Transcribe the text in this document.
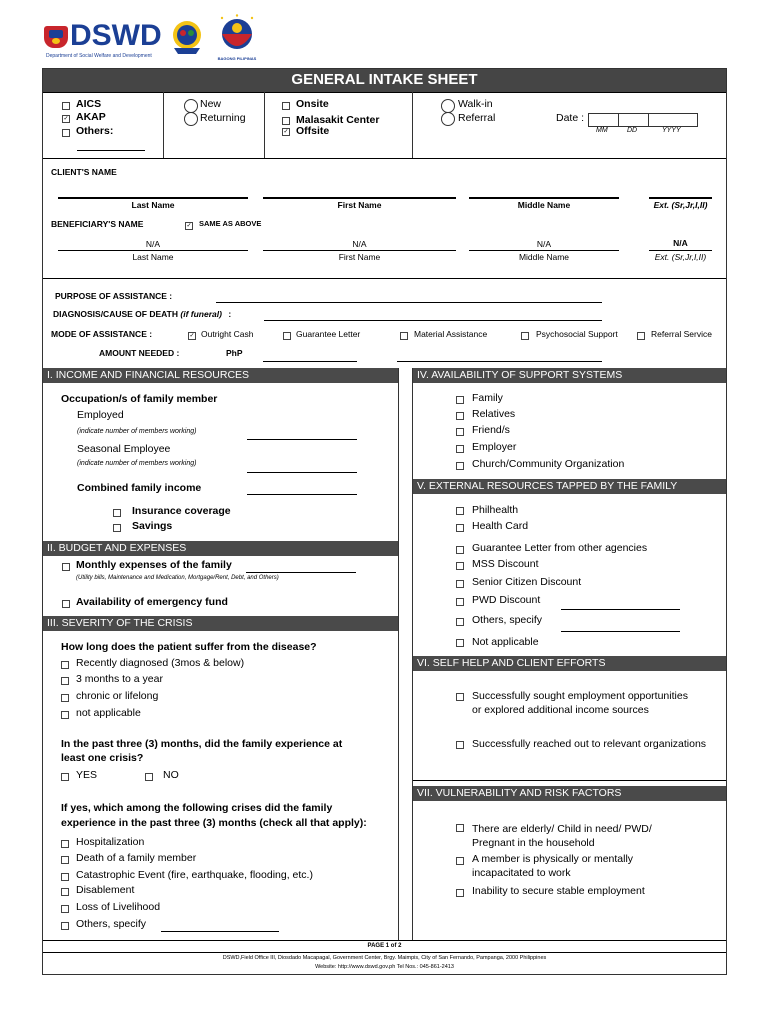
DSWD
Department of Social Welfare and Development	BAGONG PILIPINAS
GENERAL INTAKE SHEET
AICS
✓ AKAP
Others:
New
Returning
Onsite
Malasakit Center
✓ Offsite
Walk-in
Referral	Date :
MM	DD	YYYY
CLIENT'S NAME
Last Name	First Name	Middle Name	Ext. (Sr,Jr,I,II)
BENEFICIARY'S NAME	✓ SAME AS ABOVE
N/A	N/A	N/A	N/A
Last Name	First Name	Middle Name	Ext. (Sr,Jr,I,II)
PURPOSE OF ASSISTANCE :
DIAGNOSIS/CAUSE OF DEATH (if funeral) :
MODE OF ASSISTANCE :	✓ Outright Cash	Guarantee Letter	Material Assistance	Psychosocial Support	Referral Service
AMOUNT NEEDED :	PhP
I. INCOME AND FINANCIAL RESOURCES
Occupation/s of family member
Employed
(indicate number of members working)
Seasonal Employee
(indicate number of members working)
Combined family income
Insurance coverage
Savings
II. BUDGET AND EXPENSES
Monthly expenses of the family
(Utility bills, Maintenance and Medication, Mortgage/Rent, Debt, and Others)
Availability of emergency fund
III. SEVERITY OF THE CRISIS
How long does the patient suffer from the disease?
Recently diagnosed (3mos & below)
3 months to a year
chronic or lifelong
not applicable
In the past three (3) months, did the family experience at
least one crisis?
YES	NO
If yes, which among the following crises did the family
experience in the past three (3) months (check all that apply):
Hospitalization
Death of a family member
Catastrophic Event (fire, earthquake, flooding, etc.)
Disablement
Loss of Livelihood
Others, specify
IV. AVAILABILITY OF SUPPORT SYSTEMS
Family
Relatives
Friend/s
Employer
Church/Community Organization
V. EXTERNAL RESOURCES TAPPED BY THE FAMILY
Philhealth
Health Card
Guarantee Letter from other agencies
MSS Discount
Senior Citizen Discount
PWD Discount
Others, specify
Not applicable
VI. SELF HELP AND CLIENT EFFORTS
Successfully sought employment opportunities
or explored additional income sources
Successfully reached out to relevant organizations
VII. VULNERABILITY AND RISK FACTORS
There are elderly/ Child in need/ PWD/
Pregnant in the household
A member is physically or mentally
incapacitated to work
Inability to secure stable employment
PAGE 1 of 2
DSWD,Field Office III, Diosdado Macapagal, Government Center, Brgy. Maimpis, City of San Fernando, Pampanga, 2000 Philippines
Website: http://www.dswd.gov.ph Tel Nos.: 045-861-2413
